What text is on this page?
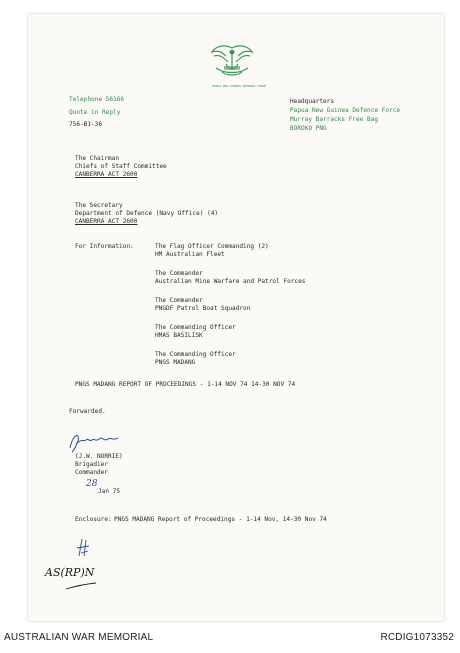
PAPUA NEW GUINEA DEFENCE FORCE
Telephone 56166
Quote in Reply
756-B1-36
Headquarters
Papua New Guinea Defence Force
Murray Barracks Free Bag
BOROKO PNG
The Chairman
Chiefs of Staff Committee
CANBERRA ACT 2600
The Secretary
Department of Defence (Navy Office) (4)
CANBERRA ACT 2600
For Information:	The Flag Officer Commanding (2)
HM Australian Fleet
The Commander
Australian Mine Warfare and Patrol Forces
The Commander
PNGDF Patrol Boat Squadron
The Commanding Officer
HMAS BASILISK
The Commanding Officer
PNGS MADANG
PNGS MADANG REPORT OF PROCEEDINGS - 1-14 NOV 74 14-30 NOV 74
Forwarded.
(J.W. NORRIE)
Brigadier
Commander
28
Jan 75
Enclosure: PNGS MADANG Report of Proceedings - 1-14 Nov, 14-30 Nov 74
AS(RP)N
AUSTRALIAN WAR MEMORIAL	RCDIG1073352
